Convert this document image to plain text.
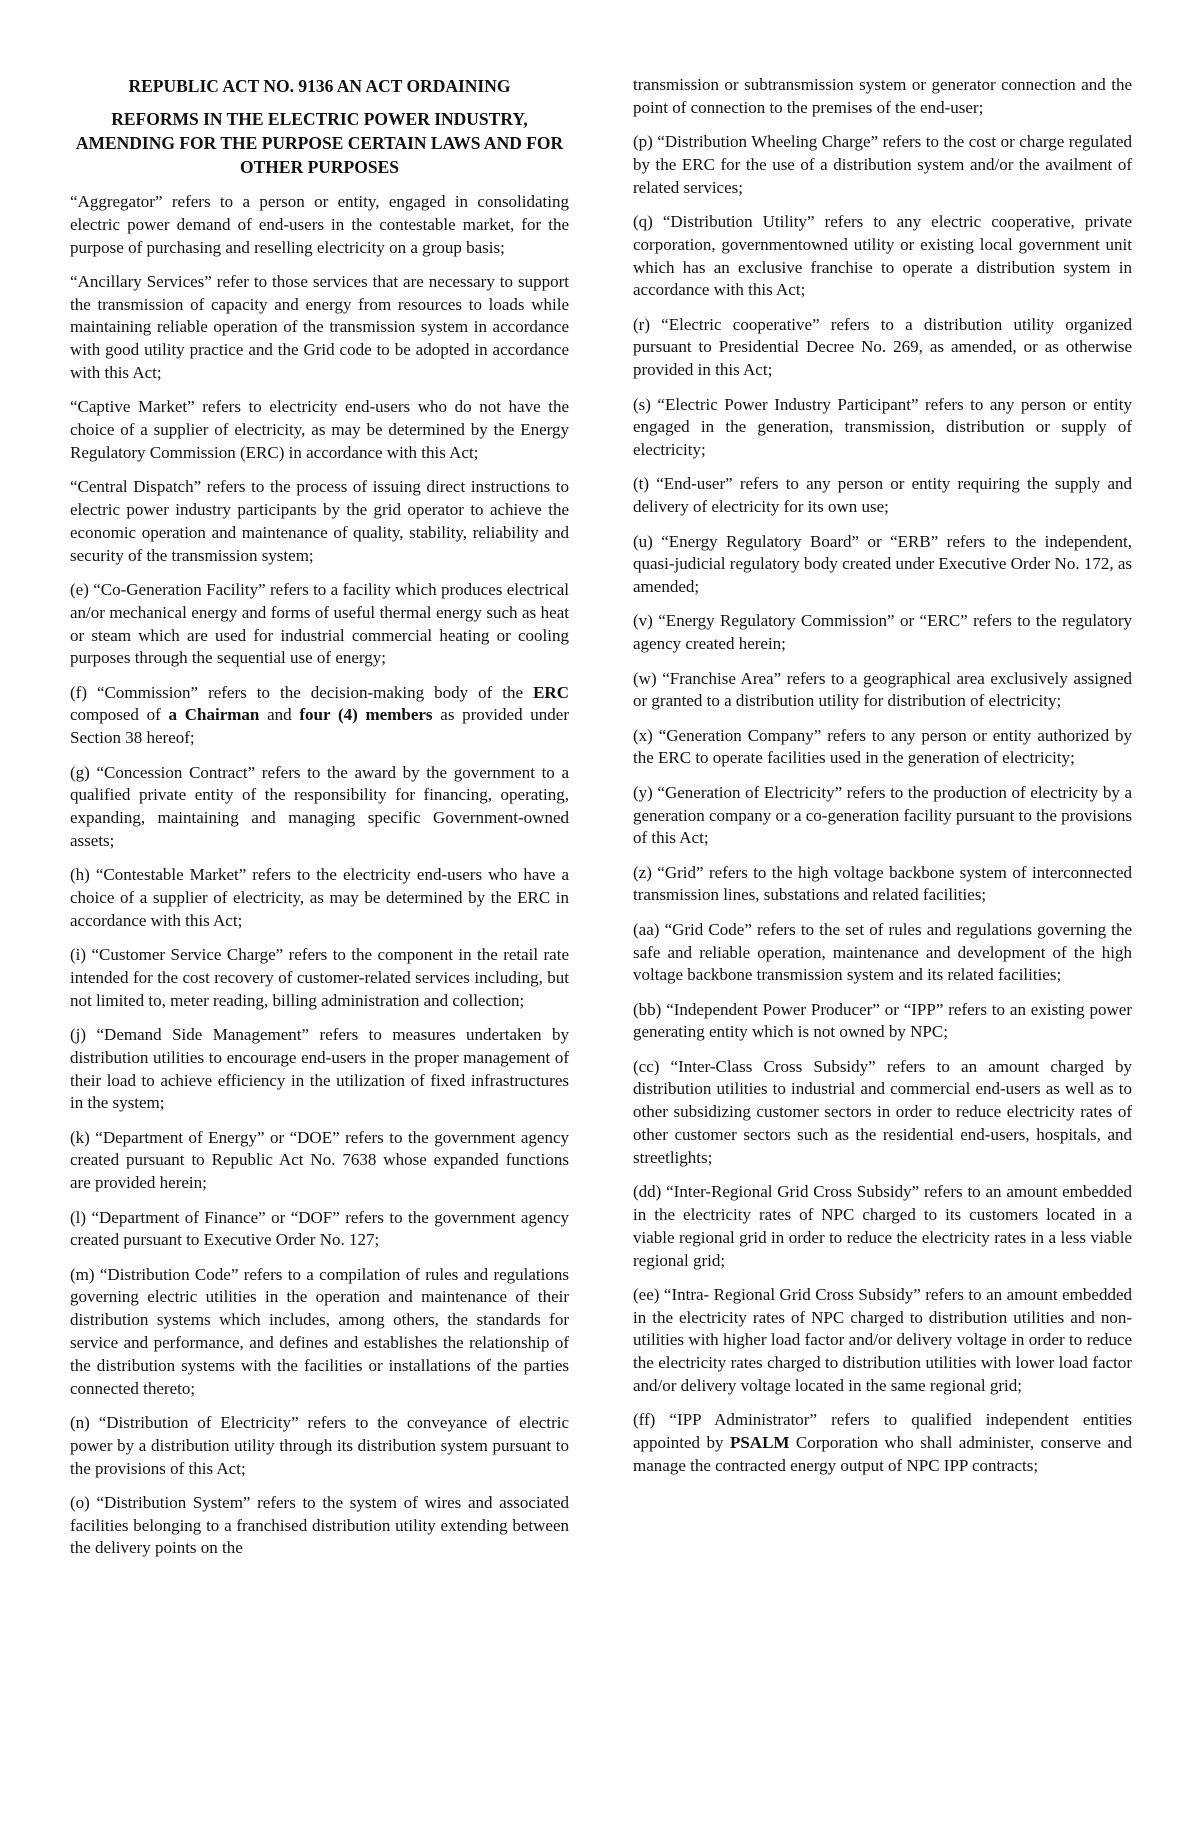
REPUBLIC ACT NO. 9136 AN ACT ORDAINING
REFORMS IN THE ELECTRIC POWER INDUSTRY, AMENDING FOR THE PURPOSE CERTAIN LAWS AND FOR OTHER PURPOSES

“Aggregator” refers to a person or entity, engaged in consolidating electric power demand of end-users in the contestable market, for the purpose of purchasing and reselling electricity on a group basis;

“Ancillary Services” refer to those services that are necessary to support the transmission of capacity and energy from resources to loads while maintaining reliable operation of the transmission system in accordance with good utility practice and the Grid code to be adopted in accordance with this Act;

“Captive Market” refers to electricity end-users who do not have the choice of a supplier of electricity, as may be determined by the Energy Regulatory Commission (ERC) in accordance with this Act;

“Central Dispatch” refers to the process of issuing direct instructions to electric power industry participants by the grid operator to achieve the economic operation and maintenance of quality, stability, reliability and security of the transmission system;

(e) “Co-Generation Facility” refers to a facility which produces electrical an/or mechanical energy and forms of useful thermal energy such as heat or steam which are used for industrial commercial heating or cooling purposes through the sequential use of energy;

(f) “Commission” refers to the decision-making body of the ERC composed of a Chairman and four (4) members as provided under Section 38 hereof;

(g) “Concession Contract” refers to the award by the government to a qualified private entity of the responsibility for financing, operating, expanding, maintaining and managing specific Government-owned assets;

(h) “Contestable Market” refers to the electricity end-users who have a choice of a supplier of electricity, as may be determined by the ERC in accordance with this Act;

(i) “Customer Service Charge” refers to the component in the retail rate intended for the cost recovery of customer-related services including, but not limited to, meter reading, billing administration and collection;

(j) “Demand Side Management” refers to measures undertaken by distribution utilities to encourage end-users in the proper management of their load to achieve efficiency in the utilization of fixed infrastructures in the system;

(k) “Department of Energy” or “DOE” refers to the government agency created pursuant to Republic Act No. 7638 whose expanded functions are provided herein;

(l) “Department of Finance” or “DOF” refers to the government agency created pursuant to Executive Order No. 127;

(m) “Distribution Code” refers to a compilation of rules and regulations governing electric utilities in the operation and maintenance of their distribution systems which includes, among others, the standards for service and performance, and defines and establishes the relationship of the distribution systems with the facilities or installations of the parties connected thereto;

(n) “Distribution of Electricity” refers to the conveyance of electric power by a distribution utility through its distribution system pursuant to the provisions of this Act;

(o) “Distribution System” refers to the system of wires and associated facilities belonging to a franchised distribution utility extending between the delivery points on the

transmission or subtransmission system or generator connection and the point of connection to the premises of the end-user;

(p) “Distribution Wheeling Charge” refers to the cost or charge regulated by the ERC for the use of a distribution system and/or the availment of related services;

(q) “Distribution Utility” refers to any electric cooperative, private corporation, governmentowned utility or existing local government unit which has an exclusive franchise to operate a distribution system in accordance with this Act;

(r) “Electric cooperative” refers to a distribution utility organized pursuant to Presidential Decree No. 269, as amended, or as otherwise provided in this Act;

(s) “Electric Power Industry Participant” refers to any person or entity engaged in the generation, transmission, distribution or supply of electricity;

(t) “End-user” refers to any person or entity requiring the supply and delivery of electricity for its own use;

(u) “Energy Regulatory Board” or “ERB” refers to the independent, quasi-judicial regulatory body created under Executive Order No. 172, as amended;

(v) “Energy Regulatory Commission” or “ERC” refers to the regulatory agency created herein;

(w) “Franchise Area” refers to a geographical area exclusively assigned or granted to a distribution utility for distribution of electricity;

(x) “Generation Company” refers to any person or entity authorized by the ERC to operate facilities used in the generation of electricity;

(y) “Generation of Electricity” refers to the production of electricity by a generation company or a co-generation facility pursuant to the provisions of this Act;

(z) “Grid” refers to the high voltage backbone system of interconnected transmission lines, substations and related facilities;

(aa) “Grid Code” refers to the set of rules and regulations governing the safe and reliable operation, maintenance and development of the high voltage backbone transmission system and its related facilities;

(bb) “Independent Power Producer” or “IPP” refers to an existing power generating entity which is not owned by NPC;

(cc) “Inter-Class Cross Subsidy” refers to an amount charged by distribution utilities to industrial and commercial end-users as well as to other subsidizing customer sectors in order to reduce electricity rates of other customer sectors such as the residential end-users, hospitals, and streetlights;

(dd) “Inter-Regional Grid Cross Subsidy” refers to an amount embedded in the electricity rates of NPC charged to its customers located in a viable regional grid in order to reduce the electricity rates in a less viable regional grid;

(ee) “Intra- Regional Grid Cross Subsidy” refers to an amount embedded in the electricity rates of NPC charged to distribution utilities and non-utilities with higher load factor and/or delivery voltage in order to reduce the electricity rates charged to distribution utilities with lower load factor and/or delivery voltage located in the same regional grid;

(ff) “IPP Administrator” refers to qualified independent entities appointed by PSALM Corporation who shall administer, conserve and manage the contracted energy output of NPC IPP contracts;
